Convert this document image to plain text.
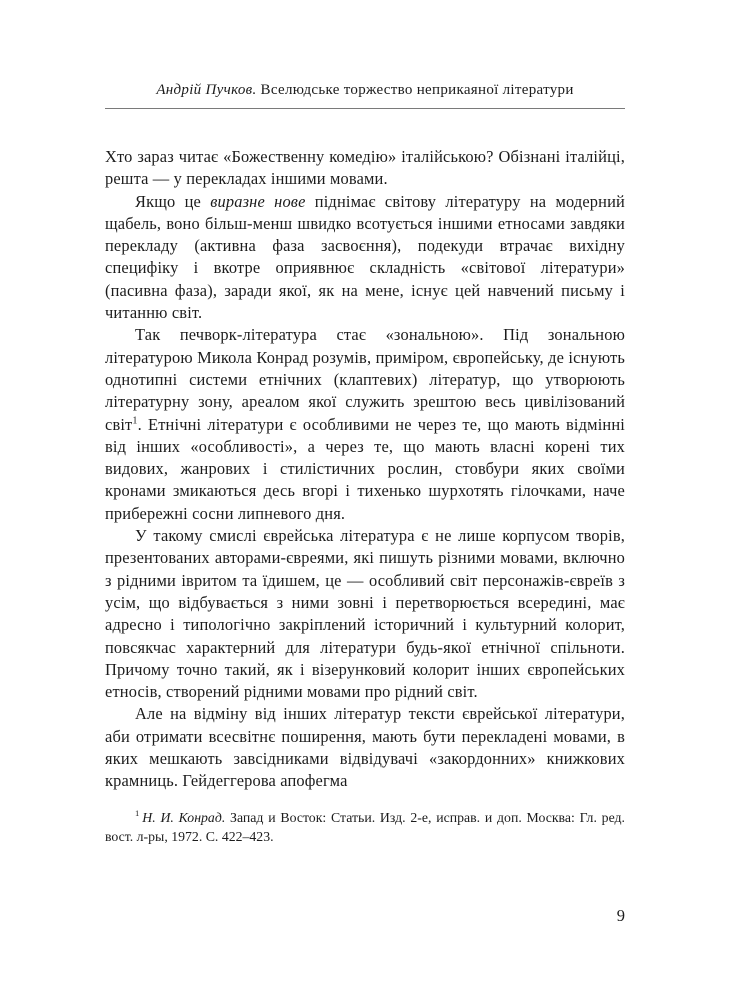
Андрій Пучков. Вселюдське торжество неприкаяної літератури

Хто зараз читає «Божественну комедію» італійською? Обізнані італійці, решта — у перекладах іншими мовами.

Якщо це виразне нове піднімає світову літературу на модерний щабель, воно більш-менш швидко всотується іншими етносами завдяки перекладу (активна фаза засвоєння), подекуди втрачає вихідну специфіку і вкотре оприявнює складність «світової літератури» (пасивна фаза), заради якої, як на мене, існує цей навчений письму і читанню світ.

Так печворк-література стає «зональною». Під зональною літературою Микола Конрад розумів, приміром, європейську, де існують однотипні системи етнічних (клаптевих) літератур, що утворюють літературну зону, ареалом якої служить зрештою весь цивілізований світ$^1$. Етнічні літератури є особливими не через те, що мають відмінні від інших «особливості», а через те, що мають власні корені тих видових, жанрових і стилістичних рослин, стовбури яких своїми кронами змикаються десь вгорі і тихенько шурхотять гілочками, наче прибережні сосни липневого дня.

У такому смислі єврейська література є не лише корпусом творів, презентованих авторами-євреями, які пишуть різними мовами, включно з рідними івритом та їдишем, це — особливий світ персонажів-євреїв з усім, що відбувається з ними зовні і перетворюється всередині, має адресно і типологічно закріплений історичний і культурний колорит, повсякчас характерний для літератури будь-якої етнічної спільноти. Причому точно такий, як і візерунковий колорит інших європейських етносів, створений рідними мовами про рідний світ.

Але на відміну від інших літератур тексти єврейської літератури, аби отримати всесвітнє поширення, мають бути перекладені мовами, в яких мешкають завсідниками відвідувачі «закордонних» книжкових крамниць. Гейдеггерова апофегма

$^1$ Н. И. Конрад. Запад и Восток: Статьи. Изд. 2-е, исправ. и доп. Москва: Гл. ред. вост. л-ры, 1972. С. 422–423.
9
